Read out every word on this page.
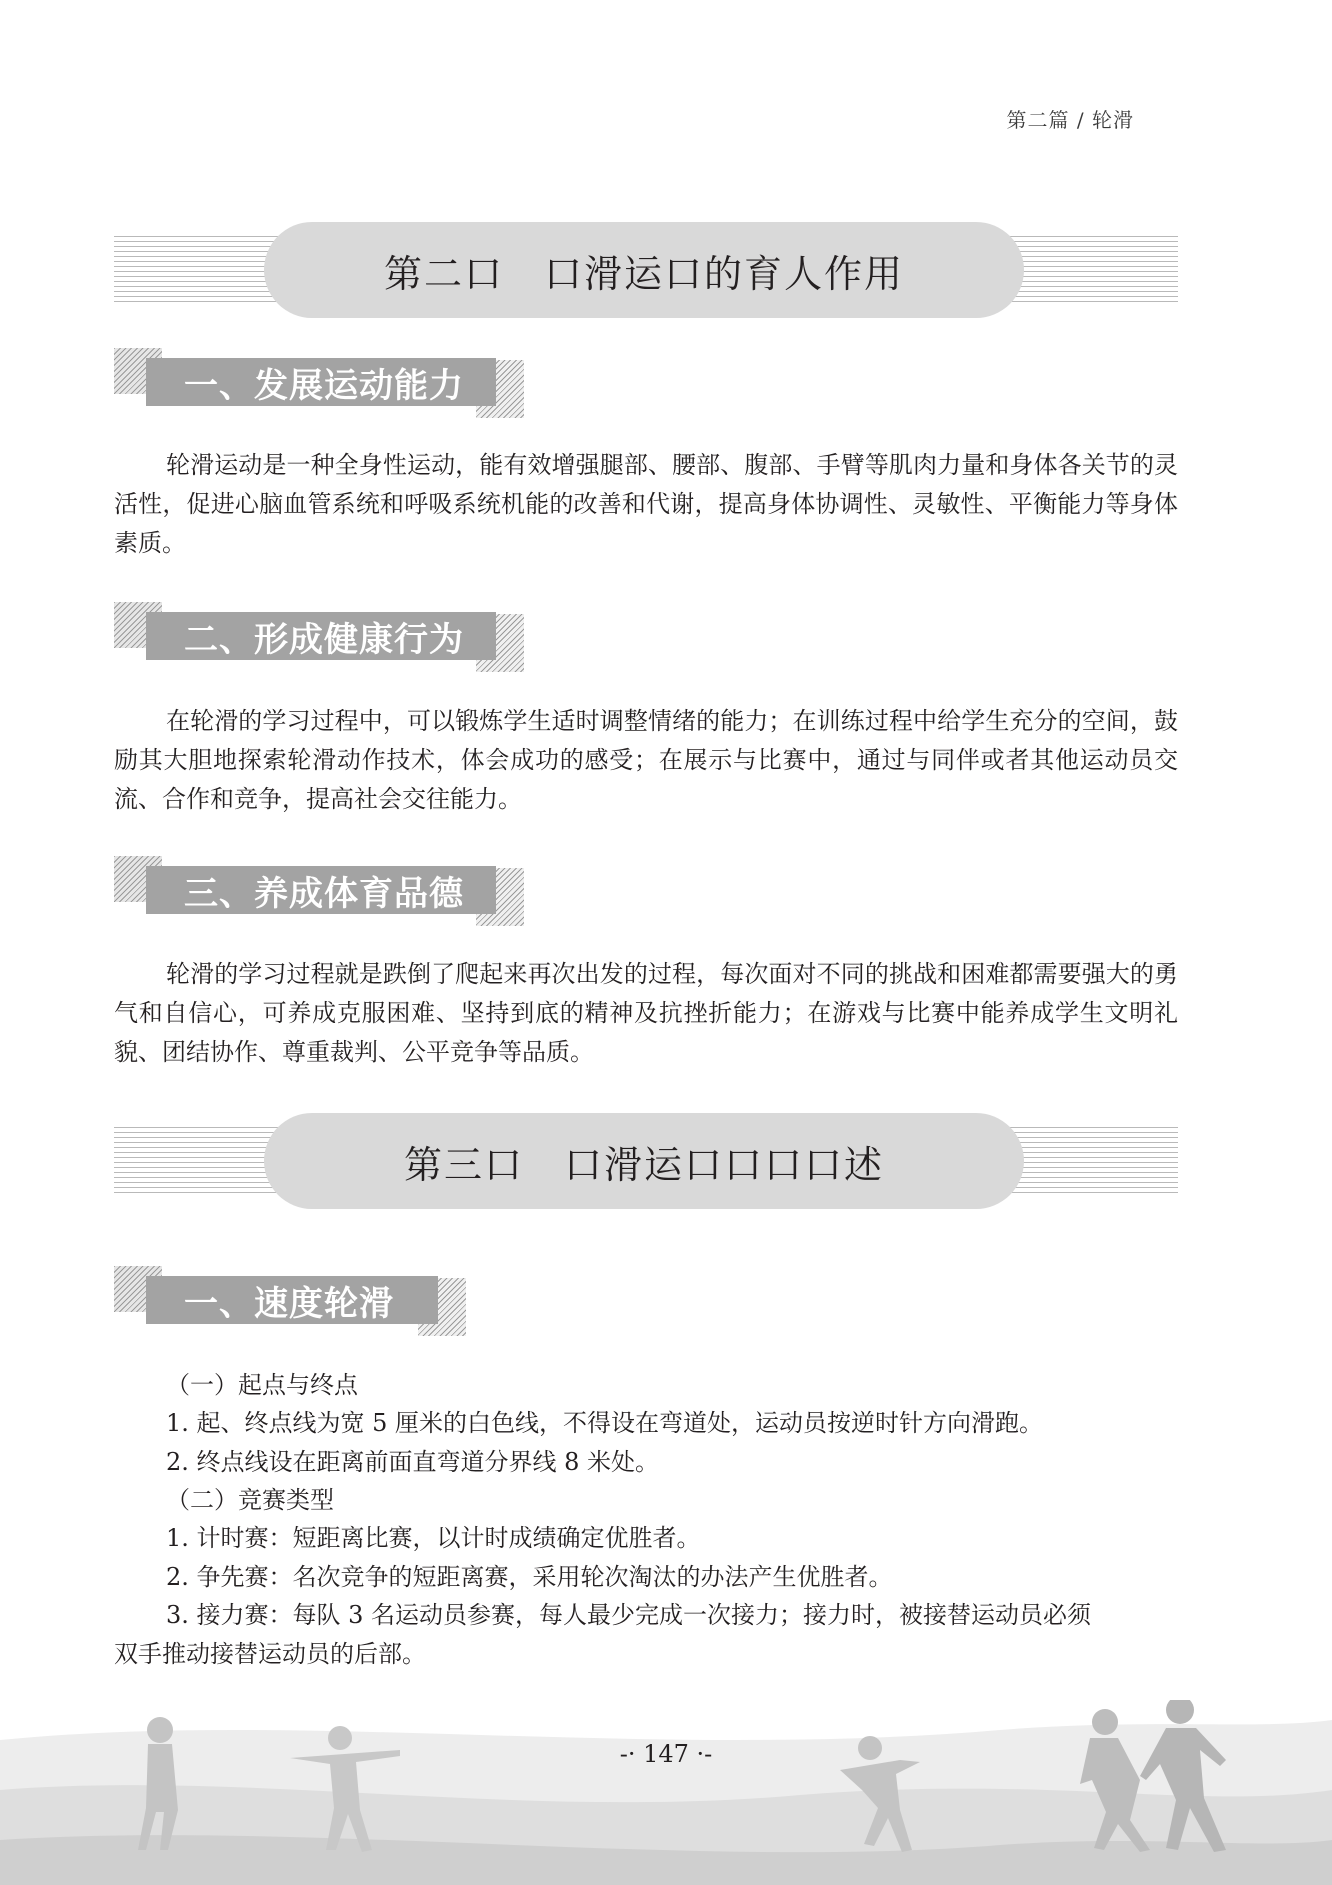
第二篇 / 轮滑
第二口　口滑运口的育人作用
一、发展运动能力

轮滑运动是一种全身性运动，能有效增强腿部、腰部、腹部、手臂等肌肉力量和身体各关节的灵活性，促进心脑血管系统和呼吸系统机能的改善和代谢，提高身体协调性、灵敏性、平衡能力等身体素质。

二、形成健康行为

在轮滑的学习过程中，可以锻炼学生适时调整情绪的能力；在训练过程中给学生充分的空间，鼓励其大胆地探索轮滑动作技术，体会成功的感受；在展示与比赛中，通过与同伴或者其他运动员交流、合作和竞争，提高社会交往能力。

三、养成体育品德

轮滑的学习过程就是跌倒了爬起来再次出发的过程，每次面对不同的挑战和困难都需要强大的勇气和自信心，可养成克服困难、坚持到底的精神及抗挫折能力；在游戏与比赛中能养成学生文明礼貌、团结协作、尊重裁判、公平竞争等品质。

第三口　口滑运口口口口述
一、速度轮滑

（一）起点与终点

1. 起、终点线为宽 5 厘米的白色线，不得设在弯道处，运动员按逆时针方向滑跑。

2. 终点线设在距离前面直弯道分界线 8 米处。

（二）竞赛类型

1. 计时赛：短距离比赛，以计时成绩确定优胜者。

2. 争先赛：名次竞争的短距离赛，采用轮次淘汰的办法产生优胜者。

3. 接力赛：每队 3 名运动员参赛，每人最少完成一次接力；接力时，被接替运动员必须

双手推动接替运动员的后部。

-· 147 ·-
